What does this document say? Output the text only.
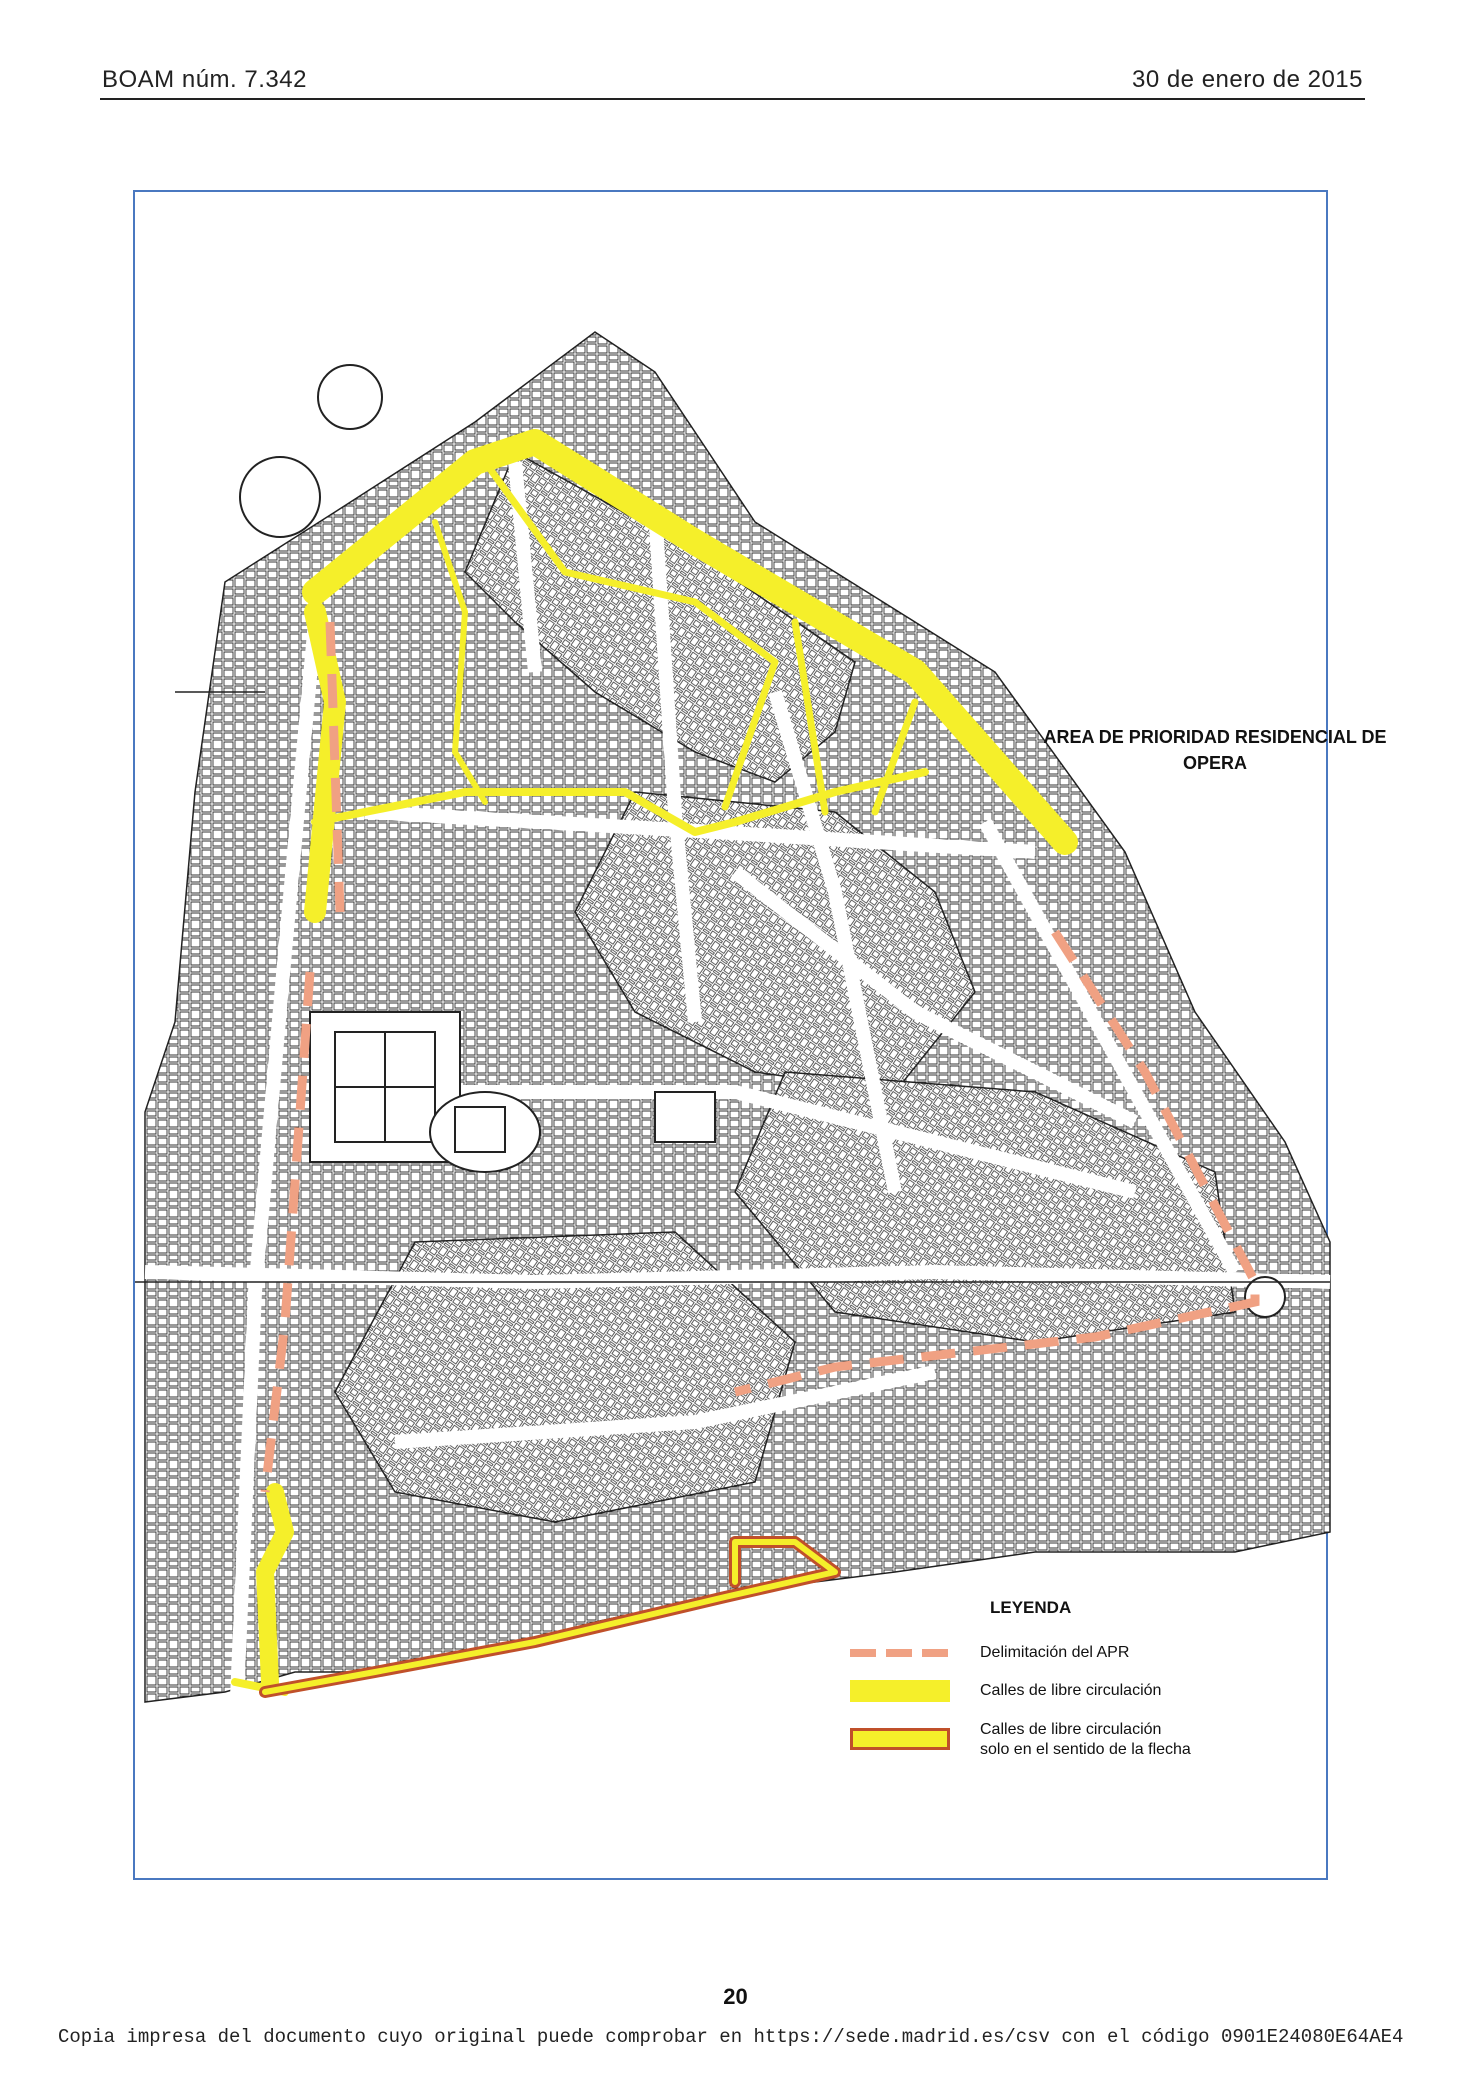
BOAM núm. 7.342	30 de enero de 2015
AREA DE PRIORIDAD RESIDENCIAL DE
OPERA
LEYENDA
Delimitación del APR
Calles de libre circulación
Calles de libre circulación
solo en el sentido de la flecha
20
Copia impresa del documento cuyo original puede comprobar en https://sede.madrid.es/csv con el código 0901E24080E64AE4
